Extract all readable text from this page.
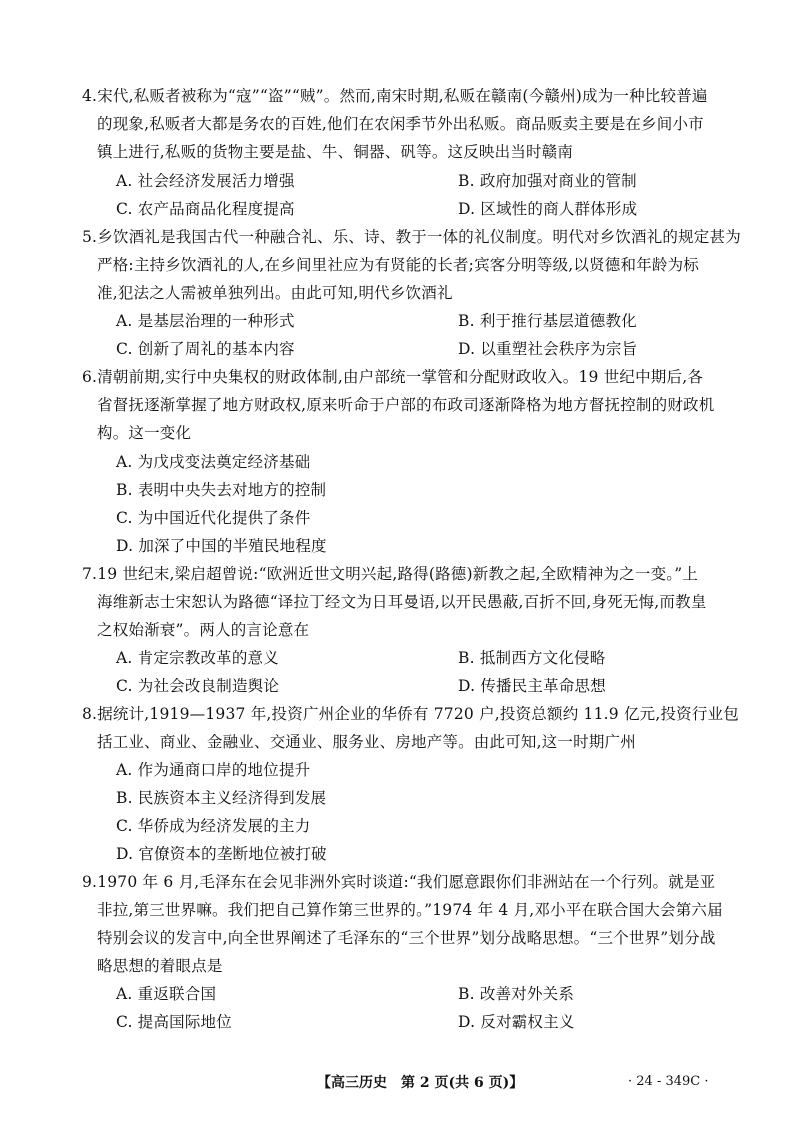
4.宋代,私贩者被称为“寇”“盗”“贼”。然而,南宋时期,私贩在赣南(今赣州)成为一种比较普遍
的现象,私贩者大都是务农的百姓,他们在农闲季节外出私贩。商品贩卖主要是在乡间小市
镇上进行,私贩的货物主要是盐、牛、铜器、矾等。这反映出当时赣南
A. 社会经济发展活力增强	B. 政府加强对商业的管制
C. 农产品商品化程度提高	D. 区域性的商人群体形成
5.乡饮酒礼是我国古代一种融合礼、乐、诗、教于一体的礼仪制度。明代对乡饮酒礼的规定甚为
严格:主持乡饮酒礼的人,在乡间里社应为有贤能的长者;宾客分明等级,以贤德和年龄为标
准,犯法之人需被单独列出。由此可知,明代乡饮酒礼
A. 是基层治理的一种形式	B. 利于推行基层道德教化
C. 创新了周礼的基本内容	D. 以重塑社会秩序为宗旨
6.清朝前期,实行中央集权的财政体制,由户部统一掌管和分配财政收入。19 世纪中期后,各
省督抚逐渐掌握了地方财政权,原来听命于户部的布政司逐渐降格为地方督抚控制的财政机
构。这一变化
A. 为戊戌变法奠定经济基础
B. 表明中央失去对地方的控制
C. 为中国近代化提供了条件
D. 加深了中国的半殖民地程度
7.19 世纪末,梁启超曾说:“欧洲近世文明兴起,路得(路德)新教之起,全欧精神为之一变。”上
海维新志士宋恕认为路德“译拉丁经文为日耳曼语,以开民愚蔽,百折不回,身死无悔,而教皇
之权始渐衰”。两人的言论意在
A. 肯定宗教改革的意义	B. 抵制西方文化侵略
C. 为社会改良制造舆论	D. 传播民主革命思想
8.据统计,1919—1937 年,投资广州企业的华侨有 7720 户,投资总额约 11.9 亿元,投资行业包
括工业、商业、金融业、交通业、服务业、房地产等。由此可知,这一时期广州
A. 作为通商口岸的地位提升
B. 民族资本主义经济得到发展
C. 华侨成为经济发展的主力
D. 官僚资本的垄断地位被打破
9.1970 年 6 月,毛泽东在会见非洲外宾时谈道:“我们愿意跟你们非洲站在一个行列。就是亚
非拉,第三世界嘛。我们把自己算作第三世界的。”1974 年 4 月,邓小平在联合国大会第六届
特别会议的发言中,向全世界阐述了毛泽东的“三个世界”划分战略思想。“三个世界”划分战
略思想的着眼点是
A. 重返联合国	B. 改善对外关系
C. 提高国际地位	D. 反对霸权主义
【高三历史　第 2 页(共 6 页)】	· 24 - 349C ·
